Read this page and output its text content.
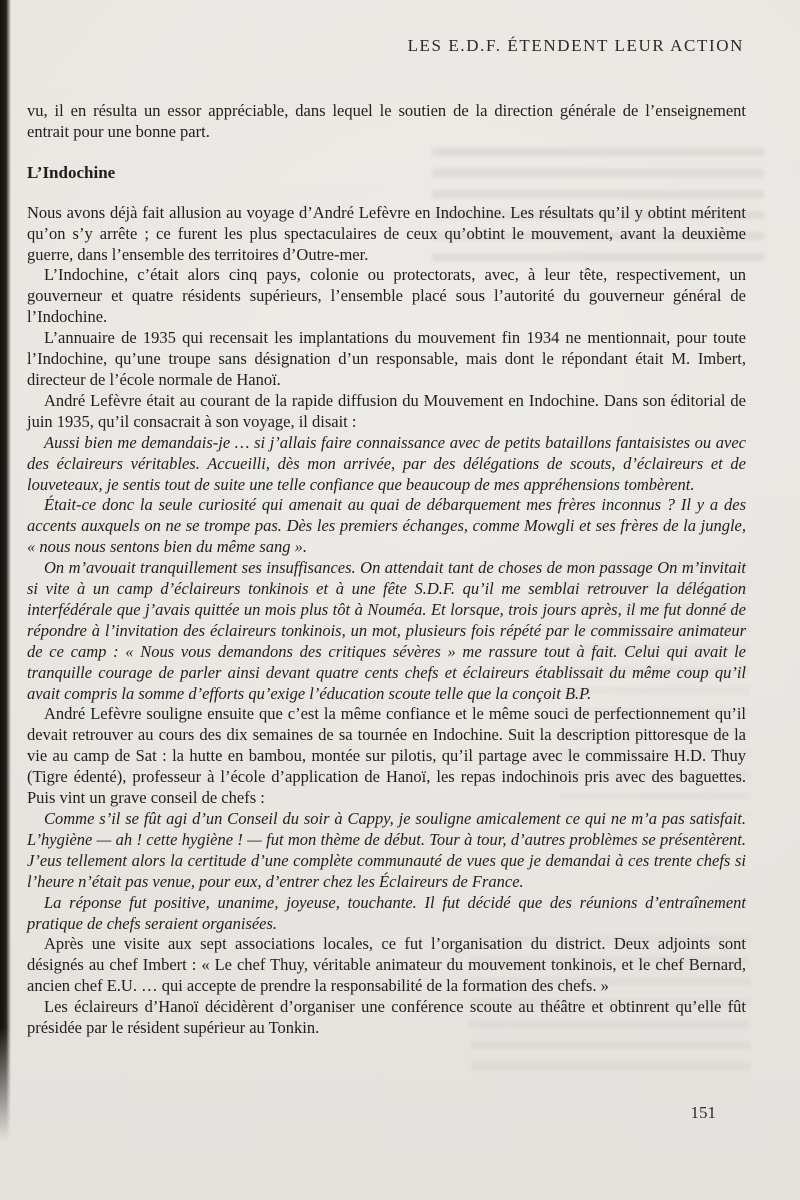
LES E.D.F. ÉTENDENT LEUR ACTION

vu, il en résulta un essor appréciable, dans lequel le soutien de la direction générale de l’enseignement entrait pour une bonne part.

L’Indochine

Nous avons déjà fait allusion au voyage d’André Lefèvre en Indochine. Les résultats qu’il y obtint méritent qu’on s’y arrête ; ce furent les plus spectaculaires de ceux qu’obtint le mouvement, avant la deuxième guerre, dans l’ensemble des territoires d’Outre-mer.

L’Indochine, c’était alors cinq pays, colonie ou protectorats, avec, à leur tête, respectivement, un gouverneur et quatre résidents supérieurs, l’ensemble placé sous l’autorité du gouverneur général de l’Indochine.

L’annuaire de 1935 qui recensait les implantations du mouvement fin 1934 ne mentionnait, pour toute l’Indochine, qu’une troupe sans désignation d’un responsable, mais dont le répondant était M. Imbert, directeur de l’école normale de Hanoï.

André Lefèvre était au courant de la rapide diffusion du Mouvement en Indochine. Dans son éditorial de juin 1935, qu’il consacrait à son voyage, il disait :

Aussi bien me demandais-je … si j’allais faire connaissance avec de petits bataillons fantaisistes ou avec des éclaireurs véritables. Accueilli, dès mon arrivée, par des délégations de scouts, d’éclaireurs et de louveteaux, je sentis tout de suite une telle confiance que beaucoup de mes appréhensions tombèrent.

Était-ce donc la seule curiosité qui amenait au quai de débarquement mes frères inconnus ? Il y a des accents auxquels on ne se trompe pas. Dès les premiers échanges, comme Mowgli et ses frères de la jungle, « nous nous sentons bien du même sang ».

On m’avouait tranquillement ses insuffisances. On attendait tant de choses de mon passage On m’invitait si vite à un camp d’éclaireurs tonkinois et à une fête S.D.F. qu’il me semblai retrouver la délégation interfédérale que j’avais quittée un mois plus tôt à Nouméa. Et lorsque, trois jours après, il me fut donné de répondre à l’invitation des éclaireurs tonkinois, un mot, plusieurs fois répété par le commissaire animateur de ce camp : « Nous vous demandons des critiques sévères » me rassure tout à fait. Celui qui avait le tranquille courage de parler ainsi devant quatre cents chefs et éclaireurs établissait du même coup qu’il avait compris la somme d’efforts qu’exige l’éducation scoute telle que la conçoit B.P.

André Lefèvre souligne ensuite que c’est la même confiance et le même souci de perfectionnement qu’il devait retrouver au cours des dix semaines de sa tournée en Indochine. Suit la description pittoresque de la vie au camp de Sat : la hutte en bambou, montée sur pilotis, qu’il partage avec le commissaire H.D. Thuy (Tigre édenté), professeur à l’école d’application de Hanoï, les repas indochinois pris avec des baguettes. Puis vint un grave conseil de chefs :

Comme s’il se fût agi d’un Conseil du soir à Cappy, je souligne amicalement ce qui ne m’a pas satisfait. L’hygiène — ah ! cette hygiène ! — fut mon thème de début. Tour à tour, d’autres problèmes se présentèrent. J’eus tellement alors la certitude d’une complète communauté de vues que je demandai à ces trente chefs si l’heure n’était pas venue, pour eux, d’entrer chez les Éclaireurs de France.

La réponse fut positive, unanime, joyeuse, touchante. Il fut décidé que des réunions d’entraînement pratique de chefs seraient organisées.

Après une visite aux sept associations locales, ce fut l’organisation du district. Deux adjoints sont désignés au chef Imbert : « Le chef Thuy, véritable animateur du mouvement tonkinois, et le chef Bernard, ancien chef E.U. … qui accepte de prendre la responsabilité de la formation des chefs. »

Les éclaireurs d’Hanoï décidèrent d’organiser une conférence scoute au théâtre et obtinrent qu’elle fût présidée par le résident supérieur au Tonkin.

151
